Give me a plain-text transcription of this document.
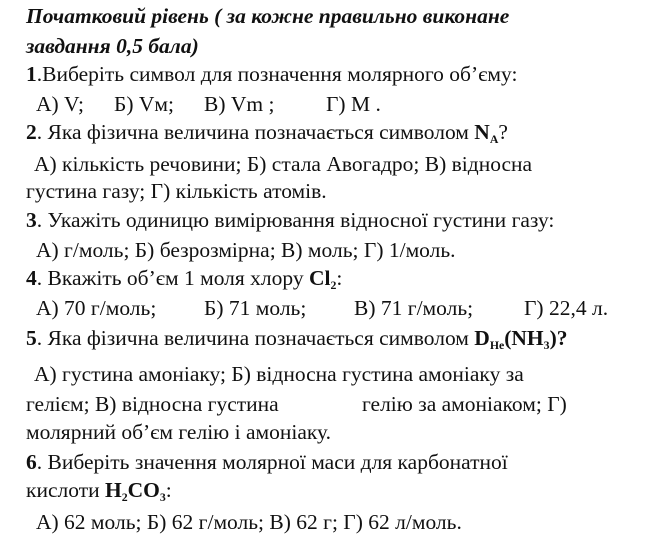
Початковий рівень ( за кожне правильно виконане
завдання 0,5 бала)
1.Виберіть символ для позначення молярного об’єму:
А) V; Б) Vм; В) Vm ; Г) M .
2. Яка фізична величина позначається символом $N_A$?
А) кількість речовини; Б) стала Авогадро; В) відносна
густина газу; Г) кількість атомів.
3. Укажіть одиницю вимірювання відносної густини газу:
А) г/моль; Б) безрозмірна; В) моль; Г) 1/моль.
4. Вкажіть об’єм 1 моля хлору $Cl_2$:
А) 70 г/моль; Б) 71 моль; В) 71 г/моль; Г) 22,4 л.
5. Яка фізична величина позначається символом $D_{He}(NH_3)$?
А) густина амоніаку; Б) відносна густина амоніаку за
гелієм; В) відносна густина	гелію за амоніаком; Г)
молярний об’єм гелію і амоніаку.
6. Виберіть значення молярної маси для карбонатної
кислоти $H_2CO_3$:
А) 62 моль; Б) 62 г/моль; В) 62 г; Г) 62 л/моль.
